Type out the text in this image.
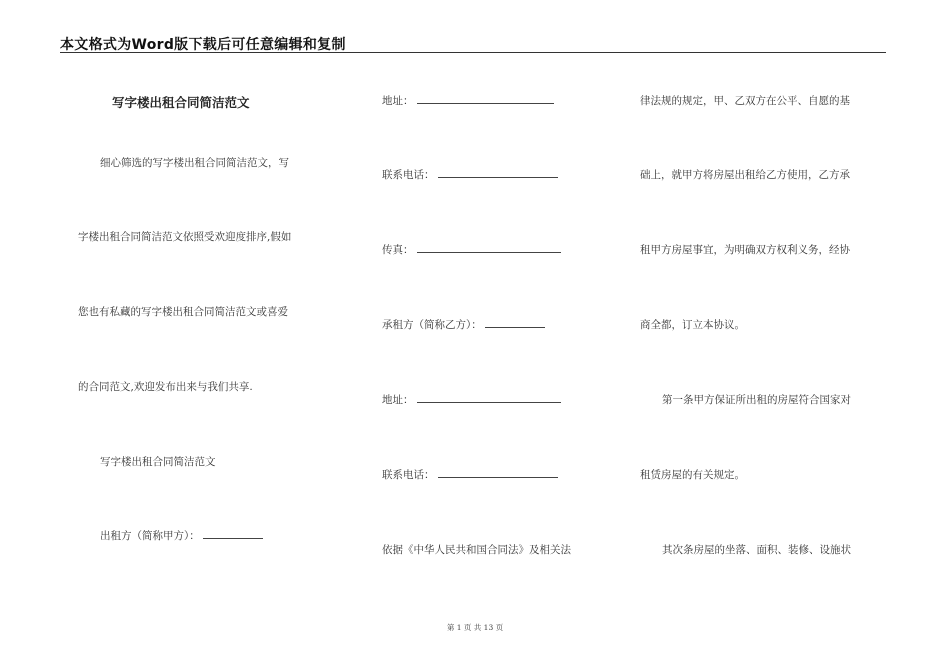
本文格式为Word版下载后可任意编辑和复制
写字楼出租合同简洁范文
细心筛选的写字楼出租合同简洁范文，写
字楼出租合同简洁范文依照受欢迎度排序,假如
您也有私藏的写字楼出租合同简洁范文或喜爱
的合同范文,欢迎发布出来与我们共享.
写字楼出租合同简洁范文
出租方（简称甲方）：
地址：
联系电话：
传真：
承租方（简称乙方）：
地址：
联系电话：
依据《中华人民共和国合同法》及相关法
律法规的规定，甲、乙双方在公平、自愿的基
础上，就甲方将房屋出租给乙方使用，乙方承
租甲方房屋事宜，为明确双方权利义务，经协
商全都，订立本协议。
第一条甲方保证所出租的房屋符合国家对
租赁房屋的有关规定。
其次条房屋的坐落、面积、装修、设施状
第 1 页 共 13 页
